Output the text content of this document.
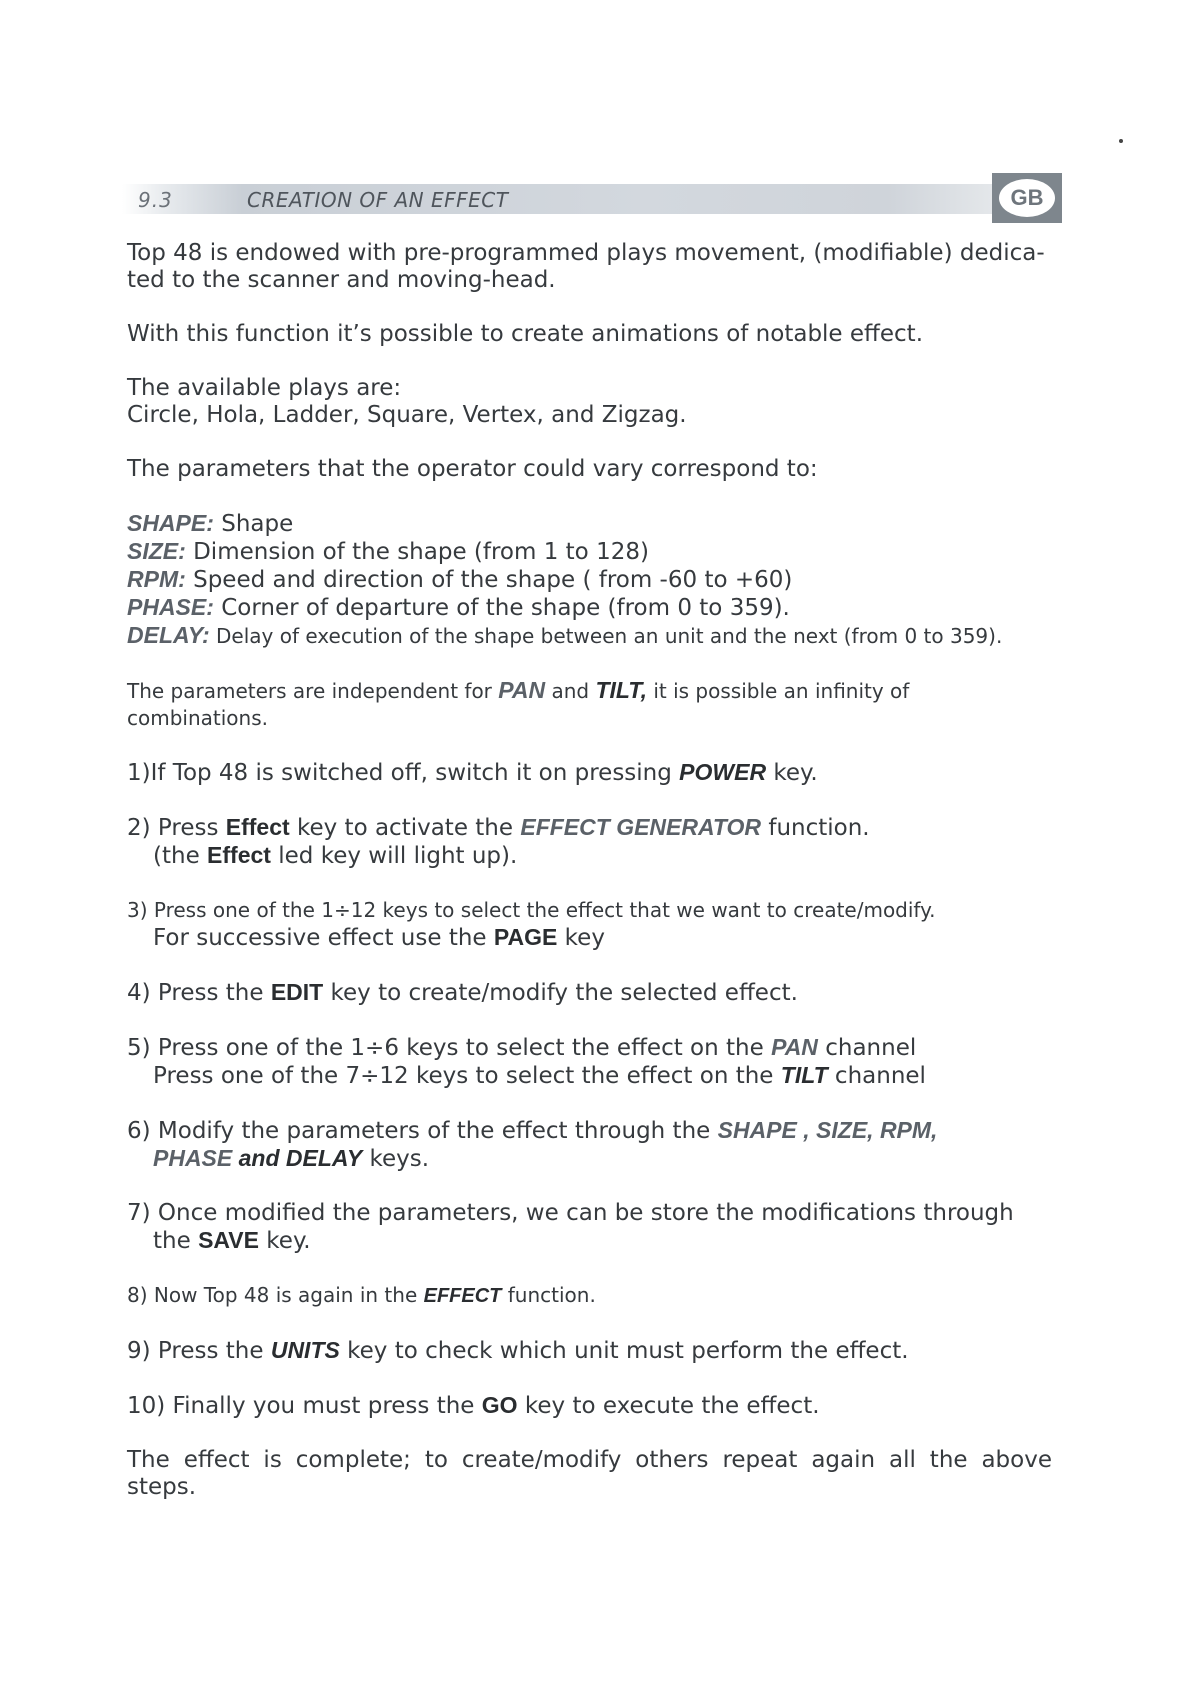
9.3	CREATION OF AN EFFECT	GB

Top 48 is endowed with pre-programmed plays movement, (modifiable) dedica-
ted to the scanner and moving-head.

With this function it’s possible to create animations of notable effect.

The available plays are:
Circle, Hola, Ladder, Square, Vertex, and Zigzag.

The parameters that the operator could vary correspond to:

SHAPE: Shape
SIZE: Dimension of the shape (from 1 to 128)
RPM: Speed and direction of the shape ( from -60 to +60)
PHASE: Corner of departure of the shape (from 0 to 359).
DELAY: Delay of execution of the shape between an unit and the next (from 0 to 359).

The parameters are independent for PAN and TILT, it is possible an infinity of
combinations.

1)If Top 48 is switched off, switch it on pressing POWER key.

2) Press Effect key to activate the EFFECT GENERATOR function.
(the Effect led key will light up).

3) Press one of the 1÷12 keys to select the effect that we want to create/modify.
For successive effect use the PAGE key

4) Press the EDIT key to create/modify the selected effect.

5) Press one of the 1÷6 keys to select the effect on the PAN channel
Press one of the 7÷12 keys to select the effect on the TILT channel

6) Modify the parameters of the effect through the SHAPE , SIZE, RPM,
PHASE and DELAY keys.

7) Once modified the parameters, we can be store the modifications through
the SAVE key.

8) Now Top 48 is again in the EFFECT function.

9) Press the UNITS key to check which unit must perform the effect.

10) Finally you must press the GO key to execute the effect.

The effect is complete; to create/modify others repeat again all the above
steps.
